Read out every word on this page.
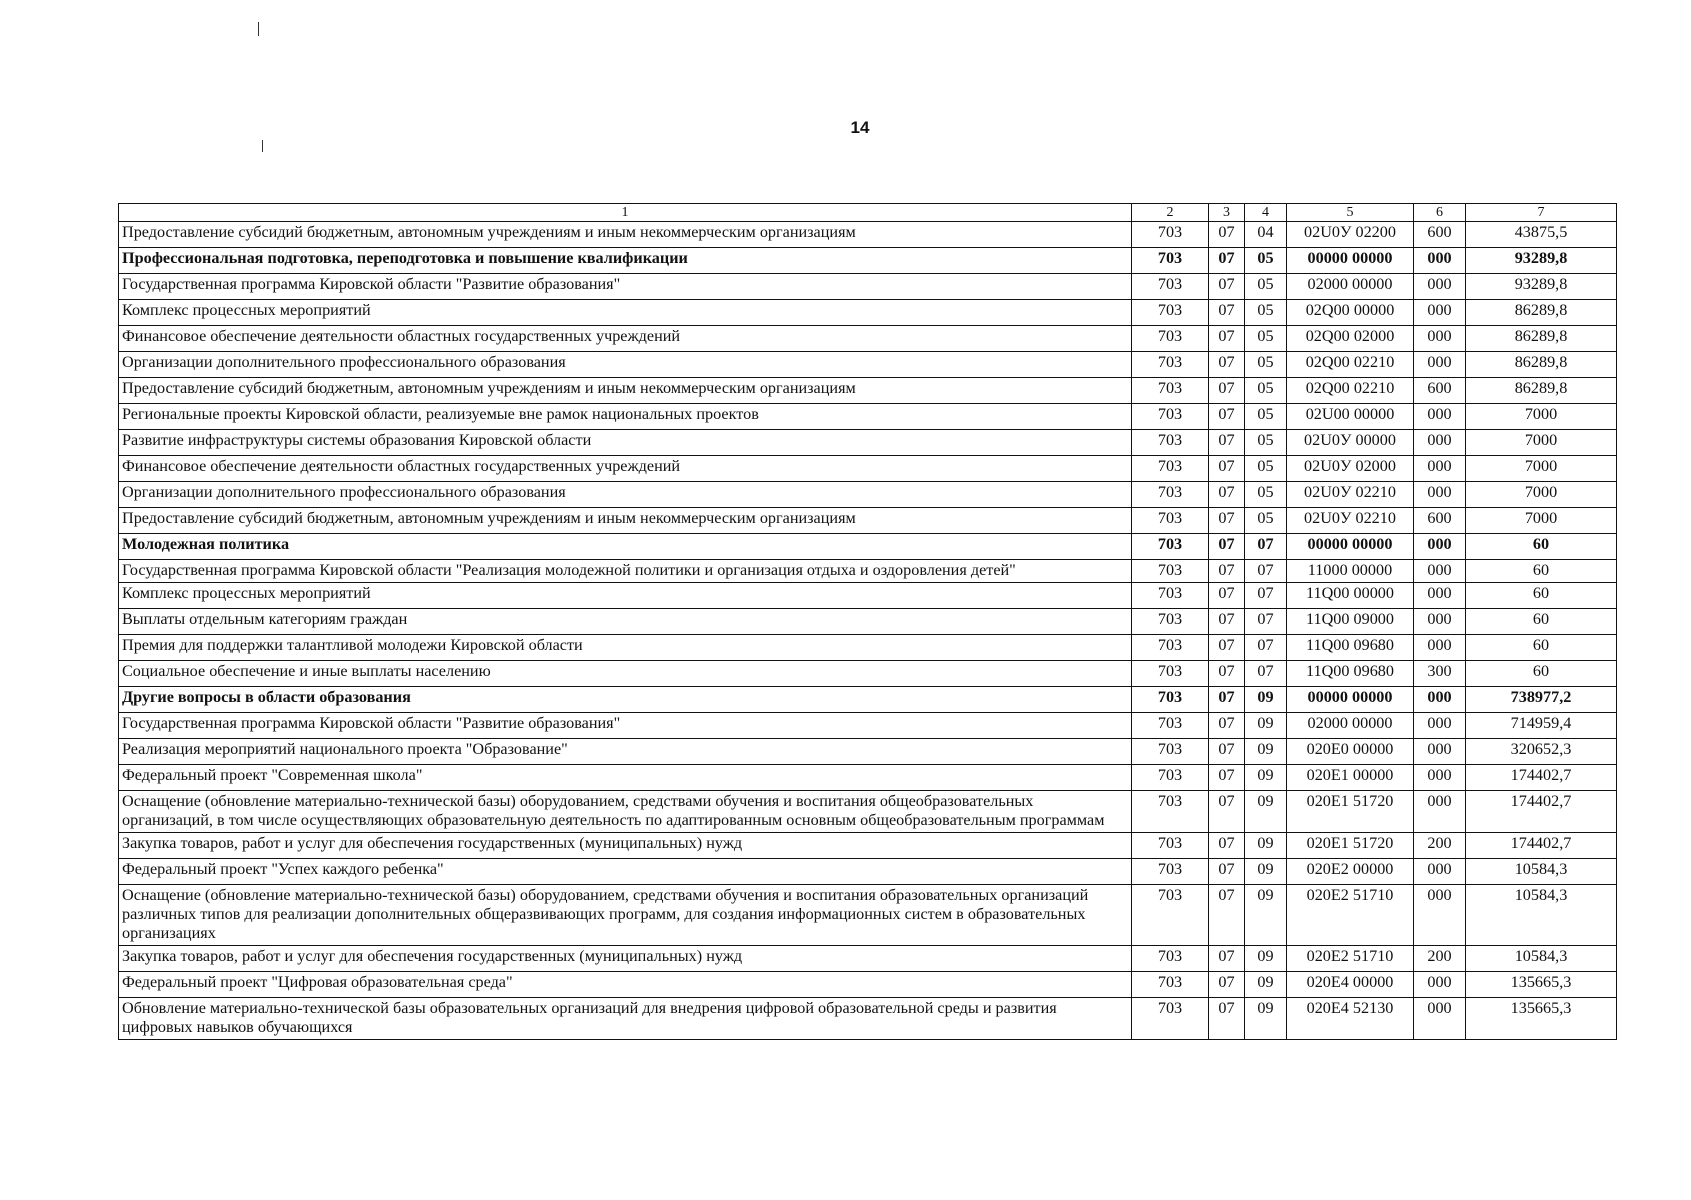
14
1	2	3	4	5	6	7
Предоставление субсидий бюджетным, автономным учреждениям и иным некоммерческим организациям	703	07	04	02U0У 02200	600	43875,5
Профессиональная подготовка, переподготовка и повышение квалификации	703	07	05	00000 00000	000	93289,8
Государственная программа Кировской области "Развитие образования"	703	07	05	02000 00000	000	93289,8
Комплекс процессных мероприятий	703	07	05	02Q00 00000	000	86289,8
Финансовое обеспечение деятельности областных государственных учреждений	703	07	05	02Q00 02000	000	86289,8
Организации дополнительного профессионального образования	703	07	05	02Q00 02210	000	86289,8
Предоставление субсидий бюджетным, автономным учреждениям и иным некоммерческим организациям	703	07	05	02Q00 02210	600	86289,8
Региональные проекты Кировской области, реализуемые вне рамок национальных проектов	703	07	05	02U00 00000	000	7000
Развитие инфраструктуры системы образования Кировской области	703	07	05	02U0У 00000	000	7000
Финансовое обеспечение деятельности областных государственных учреждений	703	07	05	02U0У 02000	000	7000
Организации дополнительного профессионального образования	703	07	05	02U0У 02210	000	7000
Предоставление субсидий бюджетным, автономным учреждениям и иным некоммерческим организациям	703	07	05	02U0У 02210	600	7000
Молодежная политика	703	07	07	00000 00000	000	60
Государственная программа Кировской области "Реализация молодежной политики и организация отдыха и оздоровления детей"	703	07	07	11000 00000	000	60
Комплекс процессных мероприятий	703	07	07	11Q00 00000	000	60
Выплаты отдельным категориям граждан	703	07	07	11Q00 09000	000	60
Премия для поддержки талантливой молодежи Кировской области	703	07	07	11Q00 09680	000	60
Социальное обеспечение и иные выплаты населению	703	07	07	11Q00 09680	300	60
Другие вопросы в области образования	703	07	09	00000 00000	000	738977,2
Государственная программа Кировской области "Развитие образования"	703	07	09	02000 00000	000	714959,4
Реализация мероприятий национального проекта "Образование"	703	07	09	020E0 00000	000	320652,3
Федеральный проект "Современная школа"	703	07	09	020E1 00000	000	174402,7
Оснащение (обновление материально-технической базы) оборудованием, средствами обучения и воспитания общеобразовательных организаций, в том числе осуществляющих образовательную деятельность по адаптированным основным общеобразовательным программам	703	07	09	020E1 51720	000	174402,7
Закупка товаров, работ и услуг для обеспечения государственных (муниципальных) нужд	703	07	09	020E1 51720	200	174402,7
Федеральный проект "Успех каждого ребенка"	703	07	09	020E2 00000	000	10584,3
Оснащение (обновление материально-технической базы) оборудованием, средствами обучения и воспитания образовательных организаций различных типов для реализации дополнительных общеразвивающих программ, для создания информационных систем в образовательных организациях	703	07	09	020E2 51710	000	10584,3
Закупка товаров, работ и услуг для обеспечения государственных (муниципальных) нужд	703	07	09	020E2 51710	200	10584,3
Федеральный проект "Цифровая образовательная среда"	703	07	09	020E4 00000	000	135665,3
Обновление материально-технической базы образовательных организаций для внедрения цифровой образовательной среды и развития цифровых навыков обучающихся	703	07	09	020E4 52130	000	135665,3
